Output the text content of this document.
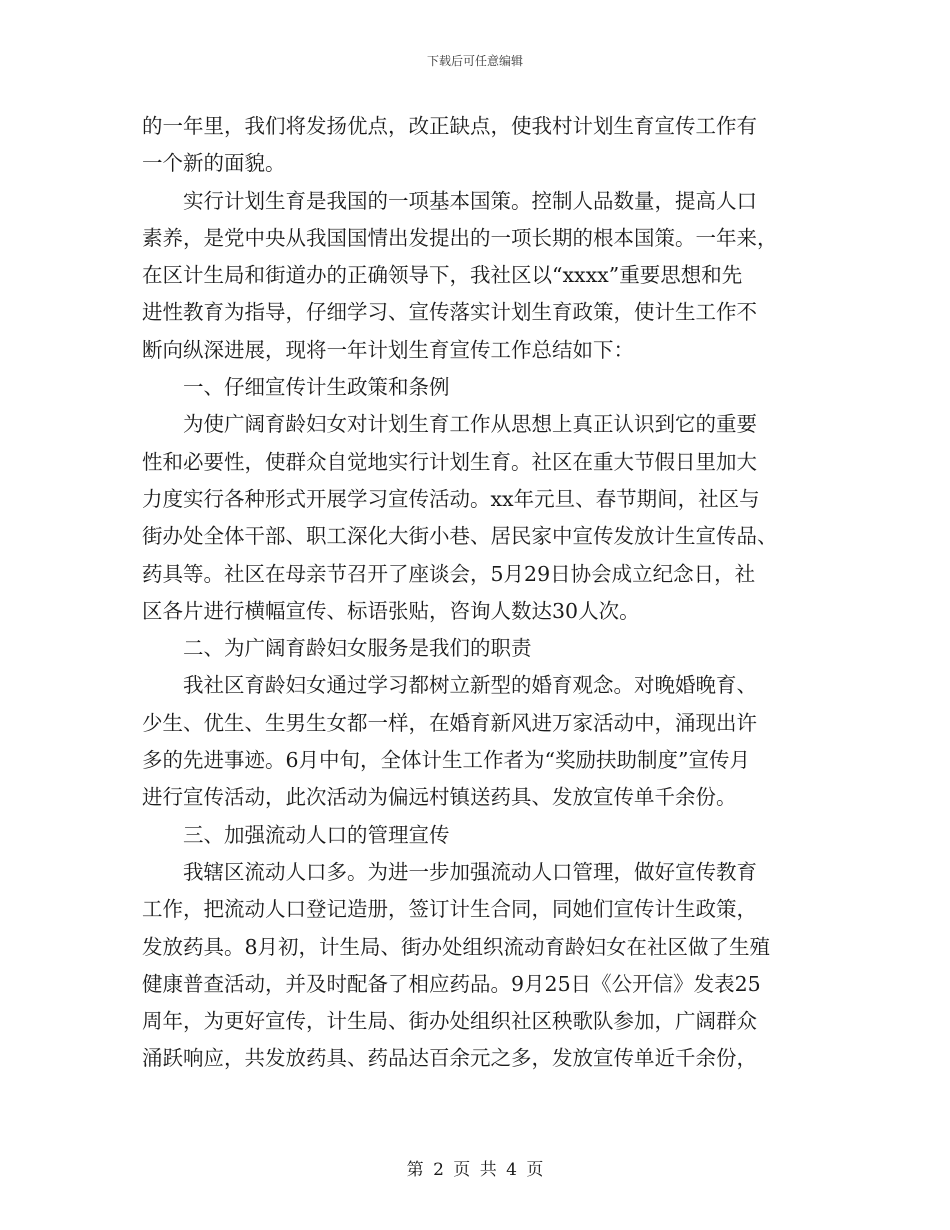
下载后可任意编辑
的一年里，我们将发扬优点，改正缺点，使我村计划生育宣传工作有
一个新的面貌。
实行计划生育是我国的一项基本国策。控制人品数量，提高人口
素养，是党中央从我国国情出发提出的一项长期的根本国策。一年来，
在区计生局和街道办的正确领导下，我社区以“xxxx”重要思想和先
进性教育为指导，仔细学习、宣传落实计划生育政策，使计生工作不
断向纵深进展，现将一年计划生育宣传工作总结如下：
一、仔细宣传计生政策和条例
为使广阔育龄妇女对计划生育工作从思想上真正认识到它的重要
性和必要性，使群众自觉地实行计划生育。社区在重大节假日里加大
力度实行各种形式开展学习宣传活动。xx年元旦、春节期间，社区与
街办处全体干部、职工深化大街小巷、居民家中宣传发放计生宣传品、
药具等。社区在母亲节召开了座谈会，5月29日协会成立纪念日，社
区各片进行横幅宣传、标语张贴，咨询人数达30人次。
二、为广阔育龄妇女服务是我们的职责
我社区育龄妇女通过学习都树立新型的婚育观念。对晚婚晚育、
少生、优生、生男生女都一样，在婚育新风进万家活动中，涌现出许
多的先进事迹。6月中旬，全体计生工作者为“奖励扶助制度”宣传月
进行宣传活动，此次活动为偏远村镇送药具、发放宣传单千余份。
三、加强流动人口的管理宣传
我辖区流动人口多。为进一步加强流动人口管理，做好宣传教育
工作，把流动人口登记造册，签订计生合同，同她们宣传计生政策，
发放药具。8月初，计生局、街办处组织流动育龄妇女在社区做了生殖
健康普查活动，并及时配备了相应药品。9月25日《公开信》发表25
周年，为更好宣传，计生局、街办处组织社区秧歌队参加，广阔群众
涌跃响应，共发放药具、药品达百余元之多，发放宣传单近千余份，
第 2 页 共 4 页
